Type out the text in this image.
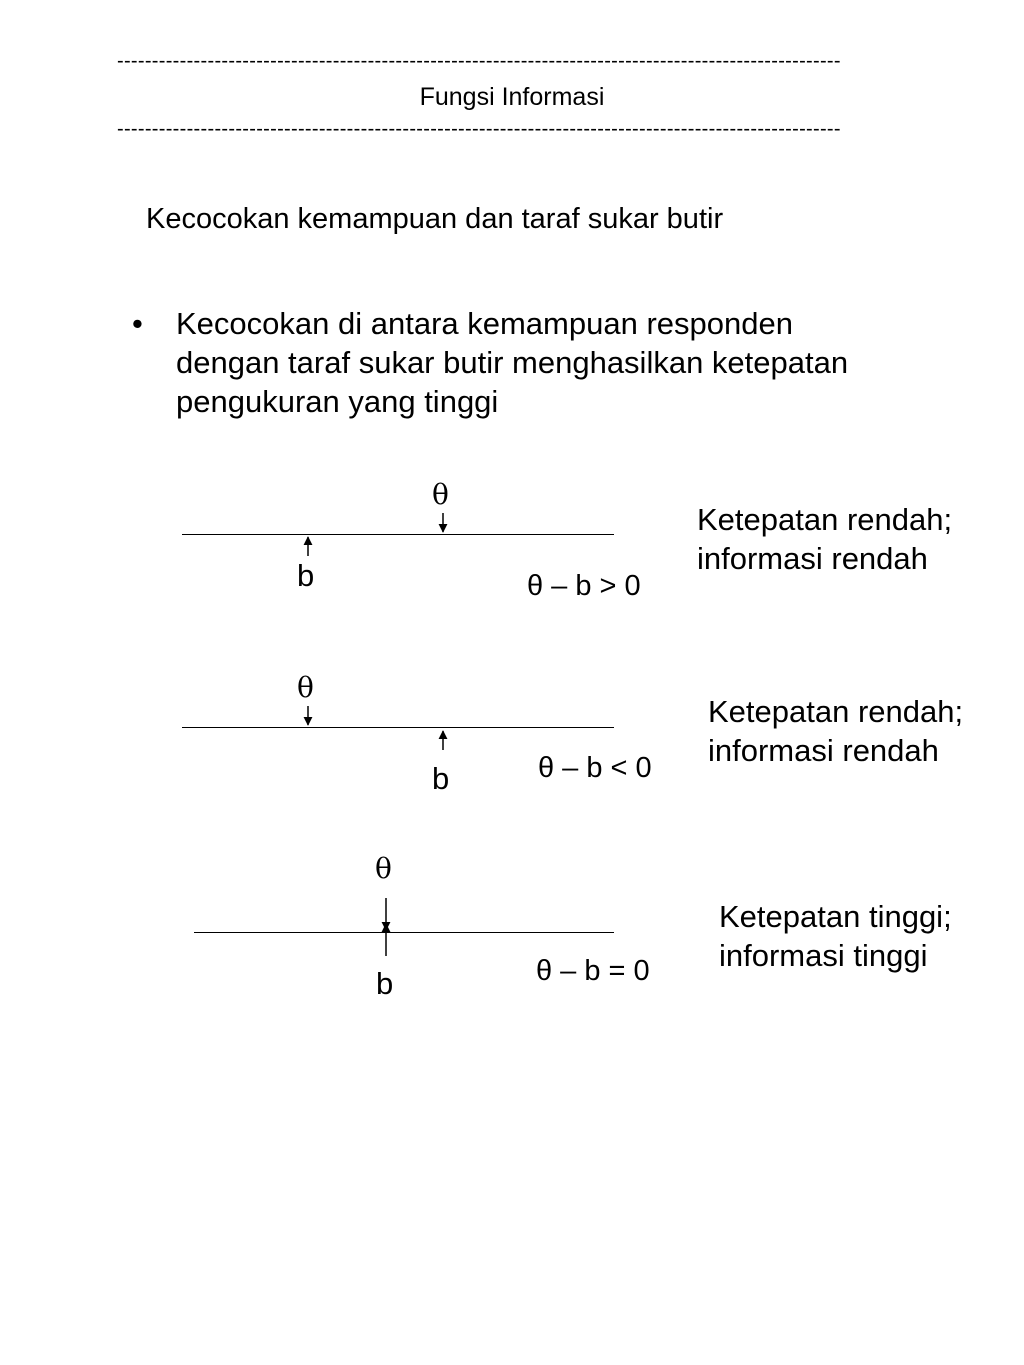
--------------------------------------------------------------------------------------------------------
Fungsi Informasi
--------------------------------------------------------------------------------------------------------
Kecocokan kemampuan dan taraf sukar butir
• Kecocokan di antara kemampuan responden
dengan taraf sukar butir menghasilkan ketepatan
pengukuran yang tinggi
θ
b	θ – b > 0
Ketepatan rendah;
informasi rendah
θ
b	θ – b < 0
Ketepatan rendah;
informasi rendah
θ
b	θ – b = 0
Ketepatan tinggi;
informasi tinggi
